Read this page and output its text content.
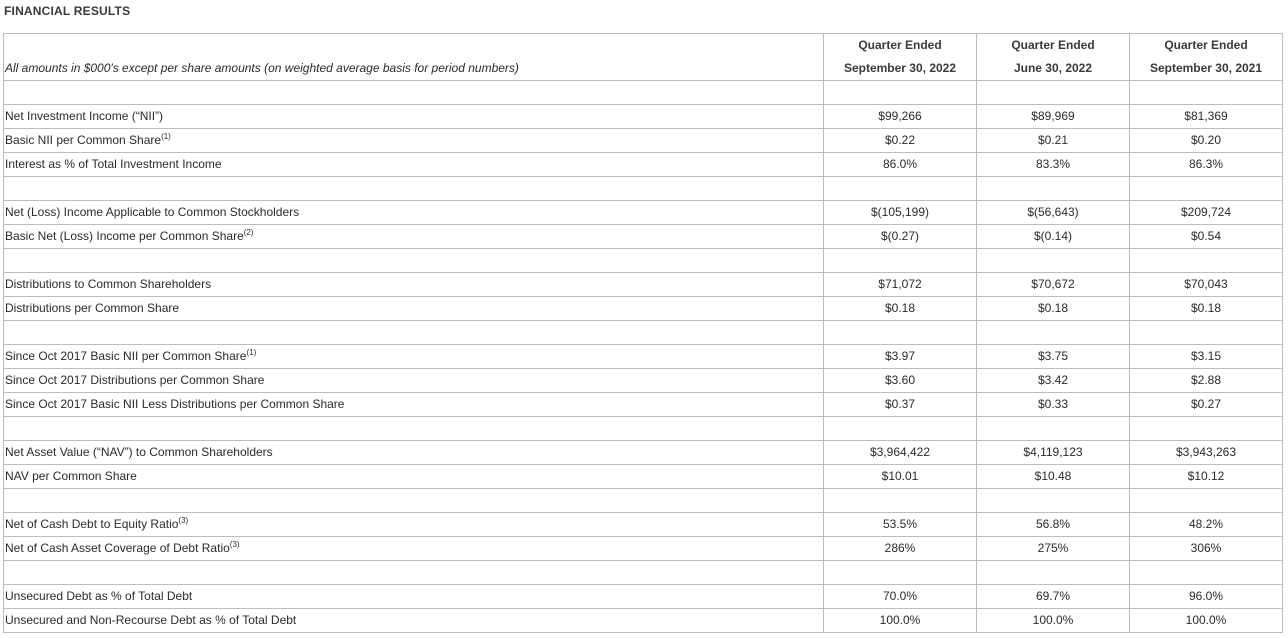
FINANCIAL RESULTS
	Quarter Ended	Quarter Ended	Quarter Ended
All amounts in $000's except per share amounts (on weighted average basis for period numbers)	September 30, 2022	June 30, 2022	September 30, 2021

Net Investment Income (“NII”)	$99,266	$89,969	$81,369
Basic NII per Common Share$^{(1)}$	$0.22	$0.21	$0.20
Interest as % of Total Investment Income	86.0%	83.3%	86.3%

Net (Loss) Income Applicable to Common Stockholders	$(105,199)	$(56,643)	$209,724
Basic Net (Loss) Income per Common Share$^{(2)}$	$(0.27)	$(0.14)	$0.54

Distributions to Common Shareholders	$71,072	$70,672	$70,043
Distributions per Common Share	$0.18	$0.18	$0.18

Since Oct 2017 Basic NII per Common Share$^{(1)}$	$3.97	$3.75	$3.15
Since Oct 2017 Distributions per Common Share	$3.60	$3.42	$2.88
Since Oct 2017 Basic NII Less Distributions per Common Share	$0.37	$0.33	$0.27

Net Asset Value (“NAV”) to Common Shareholders	$3,964,422	$4,119,123	$3,943,263
NAV per Common Share	$10.01	$10.48	$10.12

Net of Cash Debt to Equity Ratio$^{(3)}$	53.5%	56.8%	48.2%
Net of Cash Asset Coverage of Debt Ratio$^{(3)}$	286%	275%	306%

Unsecured Debt as % of Total Debt	70.0%	69.7%	96.0%
Unsecured and Non-Recourse Debt as % of Total Debt	100.0%	100.0%	100.0%
